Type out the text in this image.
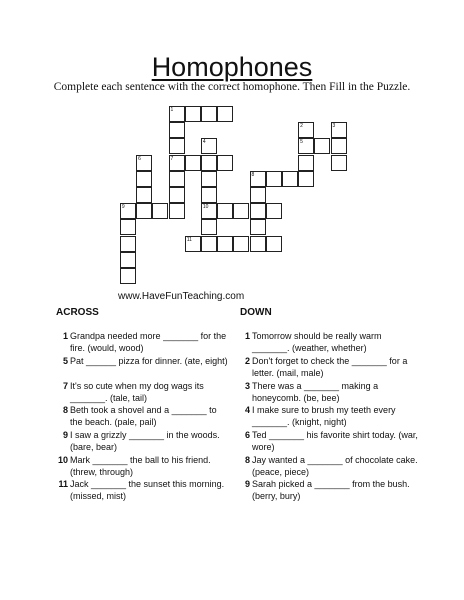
Homophones
Complete each sentence with the correct homophone. Then Fill in the Puzzle.
1
2	3
4	5
6	7
8
9	10
11
www.HaveFunTeaching.com
ACROSS	DOWN
1 Grandpa needed more _______ for the fire. (would, wood)
5 Pat ______ pizza for dinner. (ate, eight)
7 It's so cute when my dog wags its _______. (tale, tail)
8 Beth took a shovel and a _______ to the beach. (pale, pail)
9 I saw a grizzly _______ in the woods. (bare, bear)
10 Mark _______ the ball to his friend. (threw, through)
11 Jack _______ the sunset this morning. (missed, mist)
1 Tomorrow should be really warm _______. (weather, whether)
2 Don't forget to check the _______ for a letter. (mail, male)
3 There was a _______ making a honeycomb. (be, bee)
4 I make sure to brush my teeth every _______. (knight, night)
6 Ted _______ his favorite shirt today. (war, wore)
8 Jay wanted a _______ of chocolate cake. (peace, piece)
9 Sarah picked a _______ from the bush. (berry, bury)
